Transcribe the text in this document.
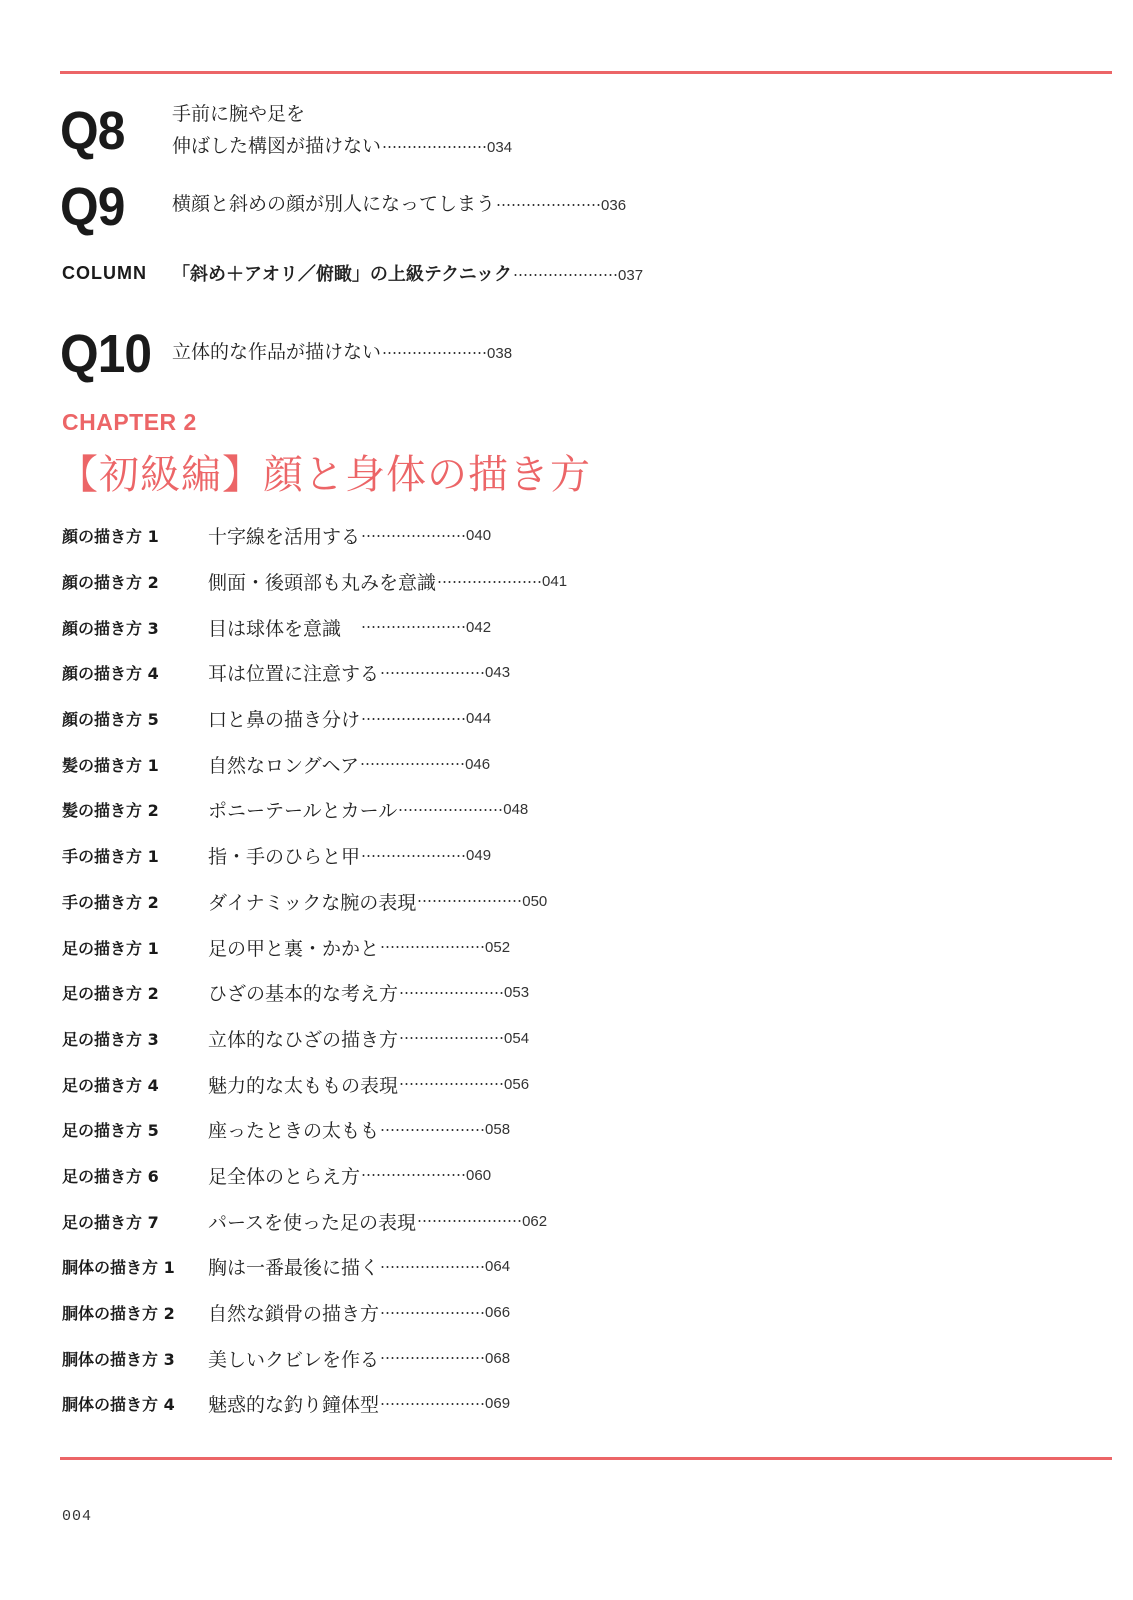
Q8	手前に腕や足を
伸ばした構図が描けない	034
Q9	横顔と斜めの顔が別人になってしまう	036
COLUMN 「斜め＋アオリ／俯瞰」の上級テクニック	037
Q10 立体的な作品が描けない	038
CHAPTER 2
【初級編】顔と身体の描き方
顔の描き方 1	十字線を活用する	040
顔の描き方 2	側面・後頭部も丸みを意識	041
顔の描き方 3	目は球体を意識　	042
顔の描き方 4	耳は位置に注意する	043
顔の描き方 5	口と鼻の描き分け	044
髪の描き方 1	自然なロングヘア	046
髪の描き方 2	ポニーテールとカール	048
手の描き方 1	指・手のひらと甲	049
手の描き方 2	ダイナミックな腕の表現	050
足の描き方 1	足の甲と裏・かかと	052
足の描き方 2	ひざの基本的な考え方	053
足の描き方 3	立体的なひざの描き方	054
足の描き方 4	魅力的な太ももの表現	056
足の描き方 5	座ったときの太もも	058
足の描き方 6	足全体のとらえ方	060
足の描き方 7	パースを使った足の表現	062
胴体の描き方 1	胸は一番最後に描く	064
胴体の描き方 2	自然な鎖骨の描き方	066
胴体の描き方 3	美しいクビレを作る	068
胴体の描き方 4	魅惑的な釣り鐘体型	069
004
